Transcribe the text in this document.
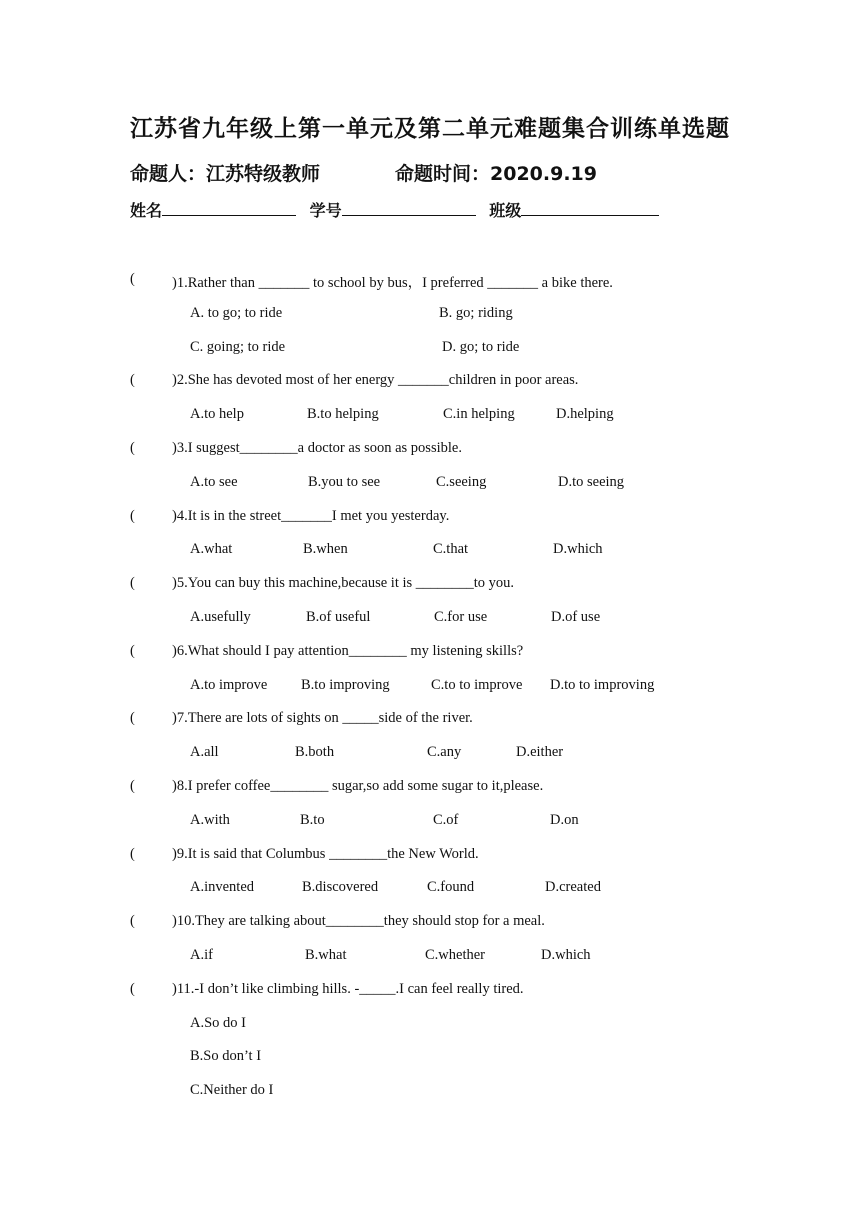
江苏省九年级上第一单元及第二单元难题集合训练单选题
命题人：江苏特级教师	命题时间：2020.9.19
姓名	学号	班级
(	)1.Rather than _______ to school by bus，I preferred _______ a bike there.
A. to go; to ride	B. go; riding
C. going; to ride	D. go; to ride
(	)2.She has devoted most of her energy _______children in poor areas.
A.to help	B.to helping	C.in helping	D.helping
(	)3.I suggest________a doctor as soon as possible.
A.to see	B.you to see	C.seeing	D.to seeing
(	)4.It is in the street_______I met you yesterday.
A.what	B.when	C.that	D.which
(	)5.You can buy this machine,because it is ________to you.
A.usefully	B.of useful	C.for use	D.of use
(	)6.What should I pay attention________ my listening skills?
A.to improve B.to improving	C.to to improve D.to to improving
(	)7.There are lots of sights on _____side of the river.
A.all	B.both	C.any	D.either
(	)8.I prefer coffee________ sugar,so add some sugar to it,please.
A.with	B.to	C.of	D.on
(	)9.It is said that Columbus ________the New World.
A.invented	B.discovered	C.found	D.created
(	)10.They are talking about________they should stop for a meal.
A.if	B.what	C.whether	D.which
(	)11.-I don’t like climbing hills. -_____.I can feel really tired.
A.So do I
B.So don’t I
C.Neither do I
